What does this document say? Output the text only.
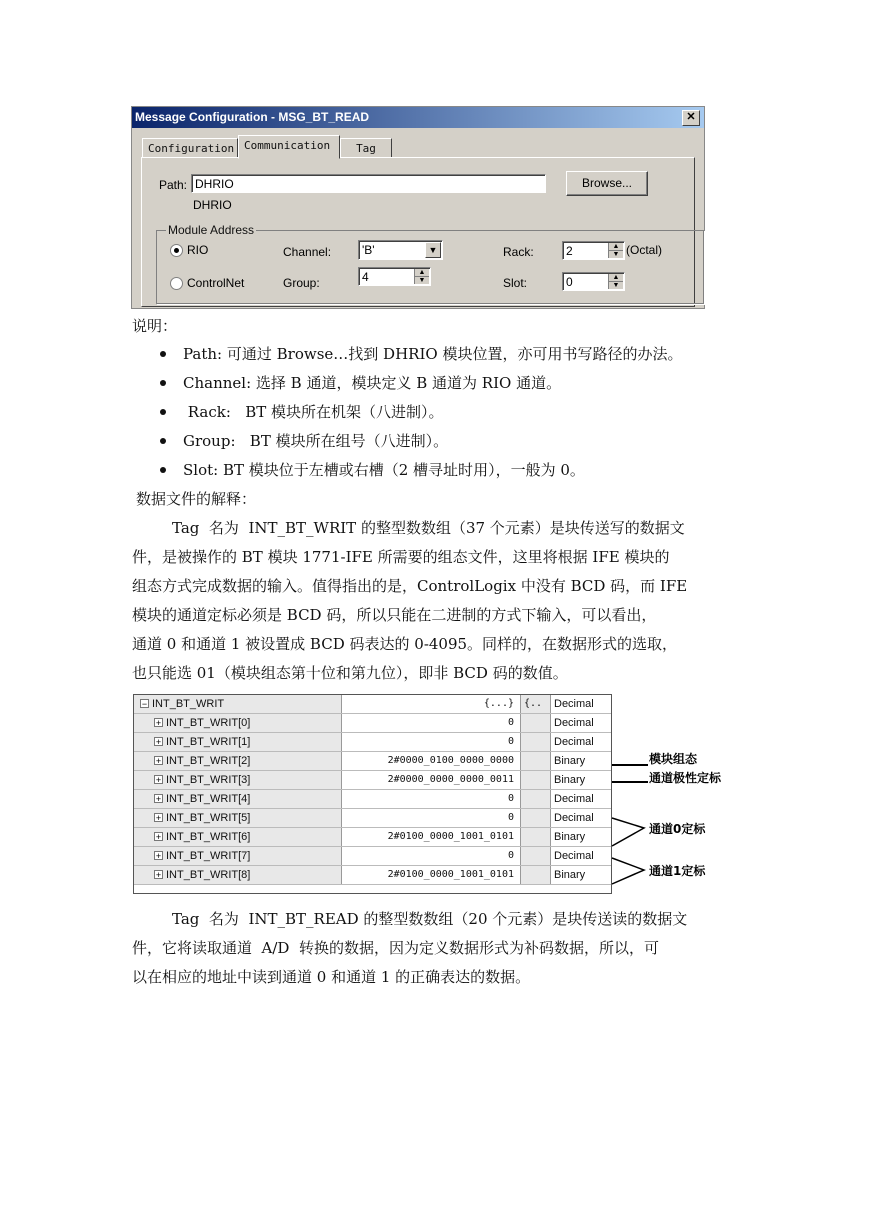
Message Configuration - MSG_BT_READ	✕
Configuration Communication	Tag
Path: DHRIO
DHRIO
Browse...
Module Address
RIO
ControlNet
Channel:	'B'	▼
Group:	4	▲
▼
Rack:	2	▲
▼ (Octal)
Slot:	0	▲
▼
说明：
Path: 可通过 Browse…找到 DHRIO 模块位置，亦可用书写路径的办法。
Channel: 选择 B 通道，模块定义 B 通道为 RIO 通道。
Rack:   BT 模块所在机架（八进制）。
Group:   BT 模块所在组号（八进制）。
Slot: BT 模块位于左槽或右槽（2 槽寻址时用），一般为 0。
数据文件的解释：
Tag  名为  INT_BT_WRIT 的整型数数组（37 个元素）是块传送写的数据文
件，是被操作的 BT 模块 1771-IFE 所需要的组态文件，这里将根据 IFE 模块的
组态方式完成数据的输入。值得指出的是，ControlLogix 中没有 BCD 码，而 IFE
模块的通道定标必须是 BCD 码，所以只能在二进制的方式下输入，可以看出，
通道 0 和通道 1 被设置成 BCD 码表达的 0-4095。同样的，在数据形式的选取，
也只能选 01（模块组态第十位和第九位），即非 BCD 码的数值。
− INT_BT_WRIT	{...}	{..	Decimal
+ INT_BT_WRIT[0]	0	Decimal
+ INT_BT_WRIT[1]	0	Decimal
+ INT_BT_WRIT[2]	2#0000_0100_0000_0000	Binary
+ INT_BT_WRIT[3]	2#0000_0000_0000_0011	Binary
+ INT_BT_WRIT[4]	0	Decimal
+ INT_BT_WRIT[5]	0	Decimal
+ INT_BT_WRIT[6]	2#0100_0000_1001_0101	Binary
+ INT_BT_WRIT[7]	0	Decimal
+ INT_BT_WRIT[8]	2#0100_0000_1001_0101	Binary
模块组态
通道极性定标
通道0定标
通道1定标
Tag  名为  INT_BT_READ 的整型数数组（20 个元素）是块传送读的数据文
件，它将读取通道  A/D  转换的数据，因为定义数据形式为补码数据，所以，可
以在相应的地址中读到通道 0 和通道 1 的正确表达的数据。
